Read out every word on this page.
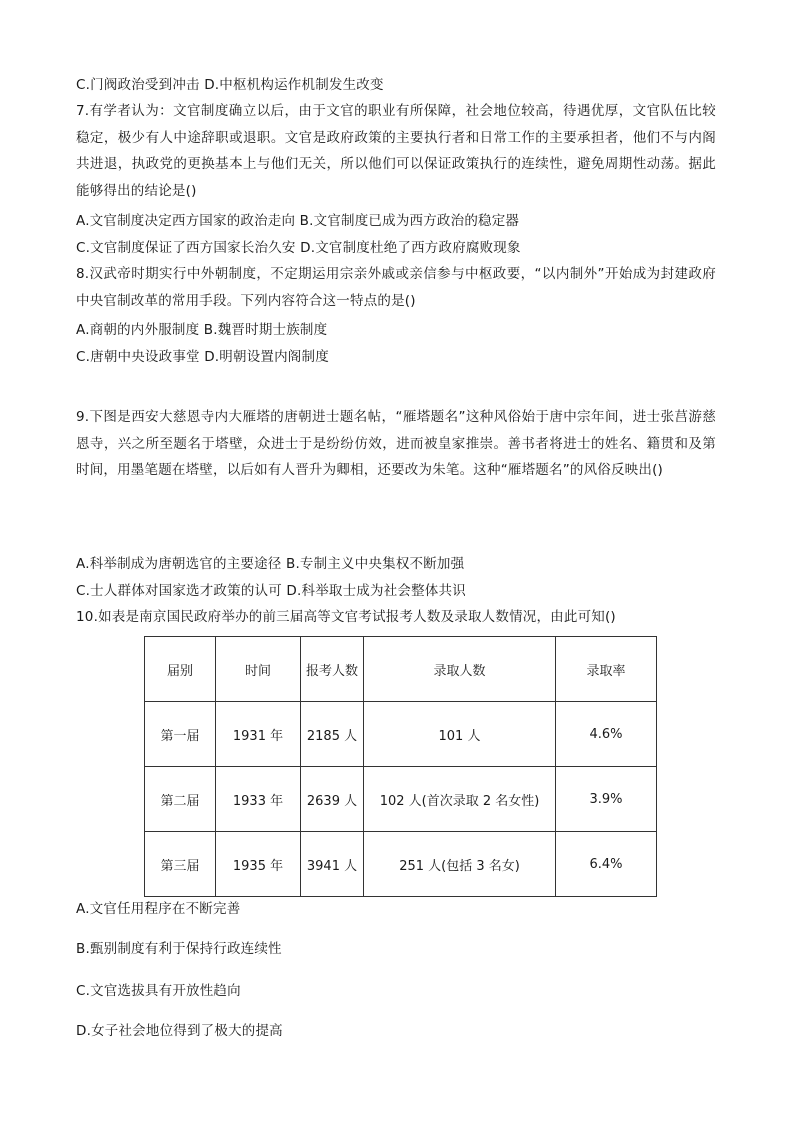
C.门阀政治受到冲击 D.中枢机构运作机制发生改变
7.有学者认为：文官制度确立以后，由于文官的职业有所保障，社会地位较高，待遇优厚，文官队伍比较稳定，极少有人中途辞职或退职。文官是政府政策的主要执行者和日常工作的主要承担者，他们不与内阁共进退，执政党的更换基本上与他们无关，所以他们可以保证政策执行的连续性，避免周期性动荡。据此能够得出的结论是()
A.文官制度决定西方国家的政治走向 B.文官制度已成为西方政治的稳定器
C.文官制度保证了西方国家长治久安 D.文官制度杜绝了西方政府腐败现象
8.汉武帝时期实行中外朝制度，不定期运用宗亲外戚或亲信参与中枢政要，“以内制外”开始成为封建政府中央官制改革的常用手段。下列内容符合这一特点的是()
A.商朝的内外服制度 B.魏晋时期士族制度
C.唐朝中央设政事堂 D.明朝设置内阁制度
9.下图是西安大慈恩寺内大雁塔的唐朝进士题名帖，“雁塔题名”这种风俗始于唐中宗年间，进士张莒游慈恩寺，兴之所至题名于塔壁，众进士于是纷纷仿效，进而被皇家推崇。善书者将进士的姓名、籍贯和及第时间，用墨笔题在塔壁，以后如有人晋升为卿相，还要改为朱笔。这种“雁塔题名”的风俗反映出()
A.科举制成为唐朝选官的主要途径 B.专制主义中央集权不断加强
C.士人群体对国家选才政策的认可 D.科举取士成为社会整体共识
10.如表是南京国民政府举办的前三届高等文官考试报考人数及录取人数情况，由此可知()
届别	时间	报考人数	录取人数	录取率
第一届	1931 年	2185 人	101 人	4.6%
第二届	1933 年	2639 人	102 人(首次录取 2 名女性)	3.9%
第三届	1935 年	3941 人	251 人(包括 3 名女)	6.4%
A.文官任用程序在不断完善
B.甄别制度有利于保持行政连续性
C.文官选拔具有开放性趋向
D.女子社会地位得到了极大的提高
